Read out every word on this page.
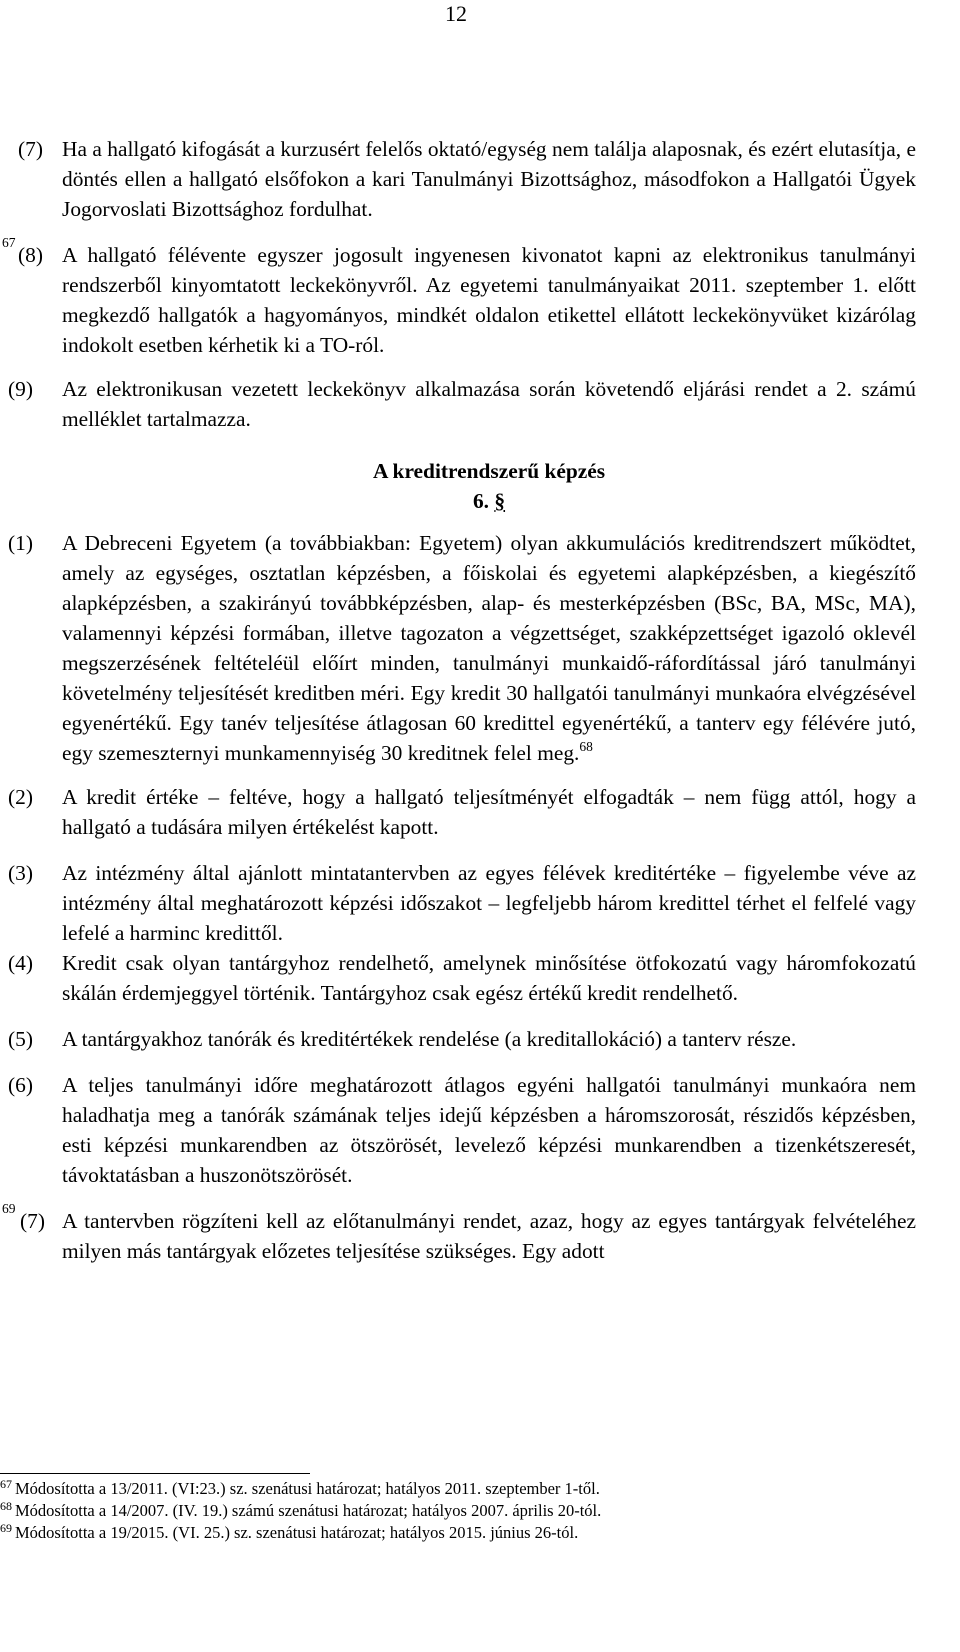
12
(7) Ha a hallgató kifogását a kurzusért felelős oktató/egység nem találja alaposnak, és ezért elutasítja, e döntés ellen a hallgató elsőfokon a kari Tanulmányi Bizottsághoz, másodfokon a Hallgatói Ügyek Jogorvoslati Bizottsághoz fordulhat.
67
(8) A hallgató félévente egyszer jogosult ingyenesen kivonatot kapni az elektronikus tanulmányi rendszerből kinyomtatott leckekönyvről. Az egyetemi tanulmányaikat 2011. szeptember 1. előtt megkezdő hallgatók a hagyományos, mindkét oldalon etikettel ellátott leckekönyvüket kizárólag indokolt esetben kérhetik ki a TO-ról.
(9) Az elektronikusan vezetett leckekönyv alkalmazása során követendő eljárási rendet a 2. számú melléklet tartalmazza.
A kreditrendszerű képzés
6. §
(1) A Debreceni Egyetem (a továbbiakban: Egyetem) olyan akkumulációs kreditrendszert működtet, amely az egységes, osztatlan képzésben, a főiskolai és egyetemi alapképzésben, a kiegészítő alapképzésben, a szakirányú továbbképzésben, alap- és mesterképzésben (BSc, BA, MSc, MA), valamennyi képzési formában, illetve tagozaton a végzettséget, szakképzettséget igazoló oklevél megszerzésének feltételéül előírt minden, tanulmányi munkaidő-ráfordítással járó tanulmányi követelmény teljesítését kreditben méri. Egy kredit 30 hallgatói tanulmányi munkaóra elvégzésével egyenértékű. Egy tanév teljesítése átlagosan 60 kredittel egyenértékű, a tanterv egy félévére jutó, egy szemeszternyi munkamennyiség 30 kreditnek felel meg.$^{68}$
(2) A kredit értéke – feltéve, hogy a hallgató teljesítményét elfogadták – nem függ attól, hogy a hallgató a tudására milyen értékelést kapott.
(3) Az intézmény által ajánlott mintatantervben az egyes félévek kreditértéke – figyelembe véve az intézmény által meghatározott képzési időszakot – legfeljebb három kredittel térhet el felfelé vagy lefelé a harminc kredittől.
(4) Kredit csak olyan tantárgyhoz rendelhető, amelynek minősítése ötfokozatú vagy háromfokozatú skálán érdemjeggyel történik. Tantárgyhoz csak egész értékű kredit rendelhető.
(5) A tantárgyakhoz tanórák és kreditértékek rendelése (a kreditallokáció) a tanterv része.
(6) A teljes tanulmányi időre meghatározott átlagos egyéni hallgatói tanulmányi munkaóra nem haladhatja meg a tanórák számának teljes idejű képzésben a háromszorosát, részidős képzésben, esti képzési munkarendben az ötszörösét, levelező képzési munkarendben a tizenkétszeresét, távoktatásban a huszonötszörösét.
69
(7) A tantervben rögzíteni kell az előtanulmányi rendet, azaz, hogy az egyes tantárgyak felvételéhez milyen más tantárgyak előzetes teljesítése szükséges. Egy adott
$^{67}$ Módosította a 13/2011. (VI:23.) sz. szenátusi határozat; hatályos 2011. szeptember 1-től.
$^{68}$ Módosította a 14/2007. (IV. 19.) számú szenátusi határozat; hatályos 2007. április 20-tól.
$^{69}$ Módosította a 19/2015. (VI. 25.) sz. szenátusi határozat; hatályos 2015. június 26-tól.
